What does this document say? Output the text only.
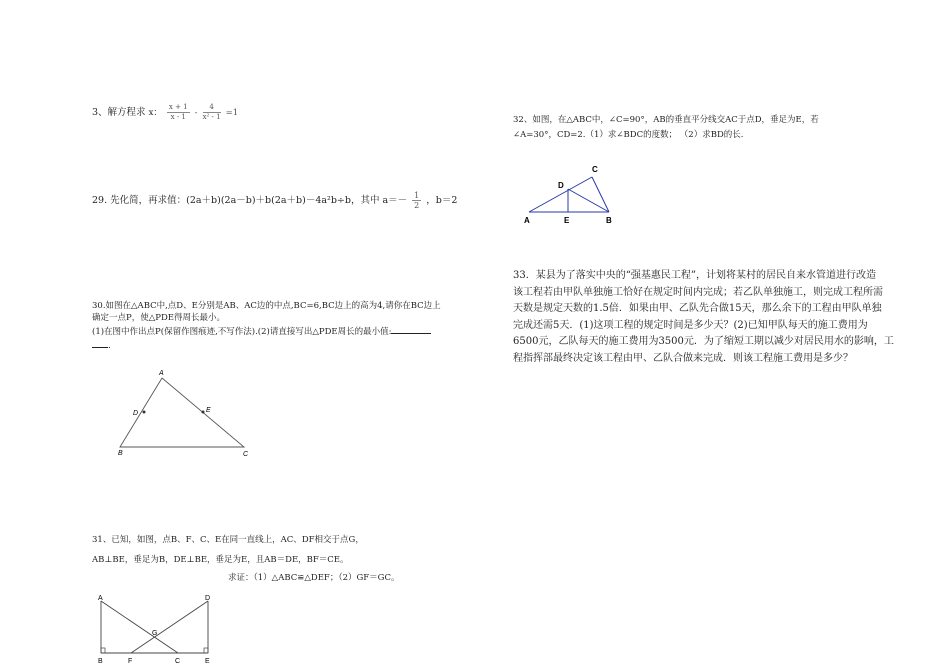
3、解方程求 x： $\frac{x + 1}{x - 1} - \frac{4}{\text{x² - 1}} =1$
29. 先化简，再求值：(2a＋b)(2a－b)＋b(2a＋b)－4a²b÷b，其中 $a=- \frac{1}{2}$ ，b＝2
30.如图在△ABC中,点D、E分别是AB、AC边的中点,BC=6,BC边上的高为4,请你在BC边上
确定一点P，使△PDE得周长最小。
(1)在图中作出点P(保留作图痕迹,不写作法).(2)请直接写出△PDE周长的最小值:
.
A
D	E
B	C
31、已知，如图，点B、F、C、E在同一直线上，AC、DF相交于点G，
AB⊥BE，垂足为B，DE⊥BE，垂足为E，且AB＝DE，BF＝CE。
求证：（1）△ABC≌△DEF；（2）GF＝GC。
A	D
G
B	F	C	E
32、如图，在△ABC中，∠C=90°，AB的垂直平分线交AC于点D，垂足为E，若
∠A=30°，CD=2.（1）求∠BDC的度数； （2）求BD的长.
C
D
A	E	B
33．某县为了落实中央的“强基惠民工程”，计划将某村的居民自来水管道进行改造
该工程若由甲队单独施工恰好在规定时间内完成；若乙队单独施工，则完成工程所需
天数是规定天数的1.5倍．如果由甲、乙队先合做15天，那么余下的工程由甲队单独
完成还需5天．(1)这项工程的规定时间是多少天？(2)已知甲队每天的施工费用为
6500元，乙队每天的施工费用为3500元．为了缩短工期以减少对居民用水的影响，工
程指挥部最终决定该工程由甲、乙队合做来完成．则该工程施工费用是多少？
